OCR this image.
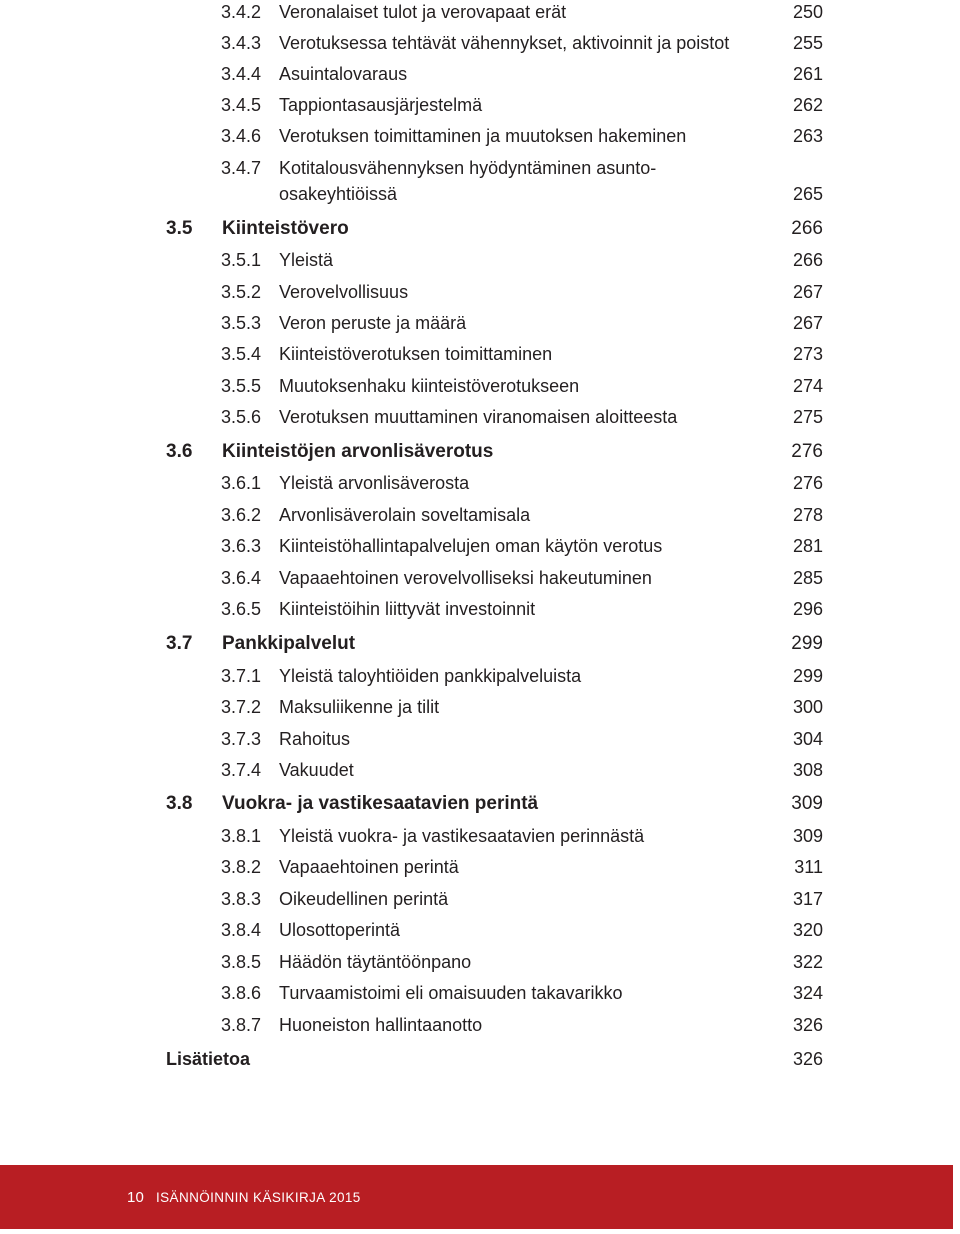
3.4.2 Veronalaiset tulot ja verovapaat erät	250
3.4.3 Verotuksessa tehtävät vähennykset, aktivoinnit ja poistot	255
3.4.4 Asuintalovaraus	261
3.4.5 Tappiontasausjärjestelmä	262
3.4.6 Verotuksen toimittaminen ja muutoksen hakeminen	263
3.4.7 Kotitalousvähennyksen hyödyntäminen asunto-
osakeyhtiöissä	265
3.5 Kiinteistövero	266
3.5.1 Yleistä	266
3.5.2 Verovelvollisuus	267
3.5.3 Veron peruste ja määrä	267
3.5.4 Kiinteistöverotuksen toimittaminen	273
3.5.5 Muutoksenhaku kiinteistöverotukseen	274
3.5.6 Verotuksen muuttaminen viranomaisen aloitteesta	275
3.6 Kiinteistöjen arvonlisäverotus	276
3.6.1 Yleistä arvonlisäverosta	276
3.6.2 Arvonlisäverolain soveltamisala	278
3.6.3 Kiinteistöhallintapalvelujen oman käytön verotus	281
3.6.4 Vapaaehtoinen verovelvolliseksi hakeutuminen	285
3.6.5 Kiinteistöihin liittyvät investoinnit	296
3.7 Pankkipalvelut	299
3.7.1 Yleistä taloyhtiöiden pankkipalveluista	299
3.7.2 Maksuliikenne ja tilit	300
3.7.3 Rahoitus	304
3.7.4 Vakuudet	308
3.8 Vuokra- ja vastikesaatavien perintä	309
3.8.1 Yleistä vuokra- ja vastikesaatavien perinnästä	309
3.8.2 Vapaaehtoinen perintä	311
3.8.3 Oikeudellinen perintä	317
3.8.4 Ulosottoperintä	320
3.8.5 Häädön täytäntöönpano	322
3.8.6 Turvaamistoimi eli omaisuuden takavarikko	324
3.8.7 Huoneiston hallintaanotto	326
Lisätietoa	326
10 ISÄNNÖINNIN KÄSIKIRJA 2015
